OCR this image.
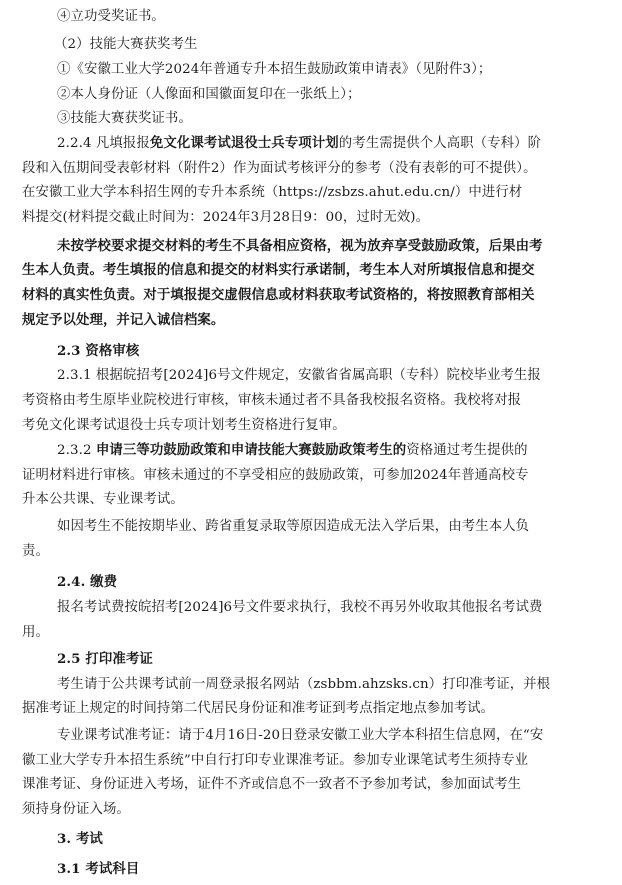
④立功受奖证书。
（2）技能大赛获奖考生
①《安徽工业大学2024年普通专升本招生鼓励政策申请表》（见附件3）；
②本人身份证（人像面和国徽面复印在一张纸上）；
③技能大赛获奖证书。
2.2.4 凡填报报免文化课考试退役士兵专项计划的考生需提供个人高职（专科）阶
段和入伍期间受表彰材料（附件2）作为面试考核评分的参考（没有表彰的可不提供）。
在安徽工业大学本科招生网的专升本系统（https://zsbzs.ahut.edu.cn/）中进行材
料提交(材料提交截止时间为：2024年3月28日9：00，过时无效)。
未按学校要求提交材料的考生不具备相应资格，视为放弃享受鼓励政策，后果由考
生本人负责。考生填报的信息和提交的材料实行承诺制，考生本人对所填报信息和提交
材料的真实性负责。对于填报提交虚假信息或材料获取考试资格的，将按照教育部相关
规定予以处理，并记入诚信档案。
2.3 资格审核
2.3.1 根据皖招考[2024]6号文件规定，安徽省省属高职（专科）院校毕业考生报
考资格由考生原毕业院校进行审核，审核未通过者不具备我校报名资格。我校将对报
考免文化课考试退役士兵专项计划考生资格进行复审。
2.3.2 申请三等功鼓励政策和申请技能大赛鼓励政策考生的资格通过考生提供的
证明材料进行审核。审核未通过的不享受相应的鼓励政策，可参加2024年普通高校专
升本公共课、专业课考试。
如因考生不能按期毕业、跨省重复录取等原因造成无法入学后果，由考生本人负
责。
2.4. 缴费
报名考试费按皖招考[2024]6号文件要求执行，我校不再另外收取其他报名考试费
用。
2.5 打印准考证
考生请于公共课考试前一周登录报名网站（zsbbm.ahzsks.cn）打印准考证，并根
据准考证上规定的时间持第二代居民身份证和准考证到考点指定地点参加考试。
专业课考试准考证：请于4月16日-20日登录安徽工业大学本科招生信息网，在“安
徽工业大学专升本招生系统”中自行打印专业课准考证。参加专业课笔试考生须持专业
课准考证、身份证进入考场，证件不齐或信息不一致者不予参加考试，参加面试考生
须持身份证入场。
3. 考试
3.1 考试科目
